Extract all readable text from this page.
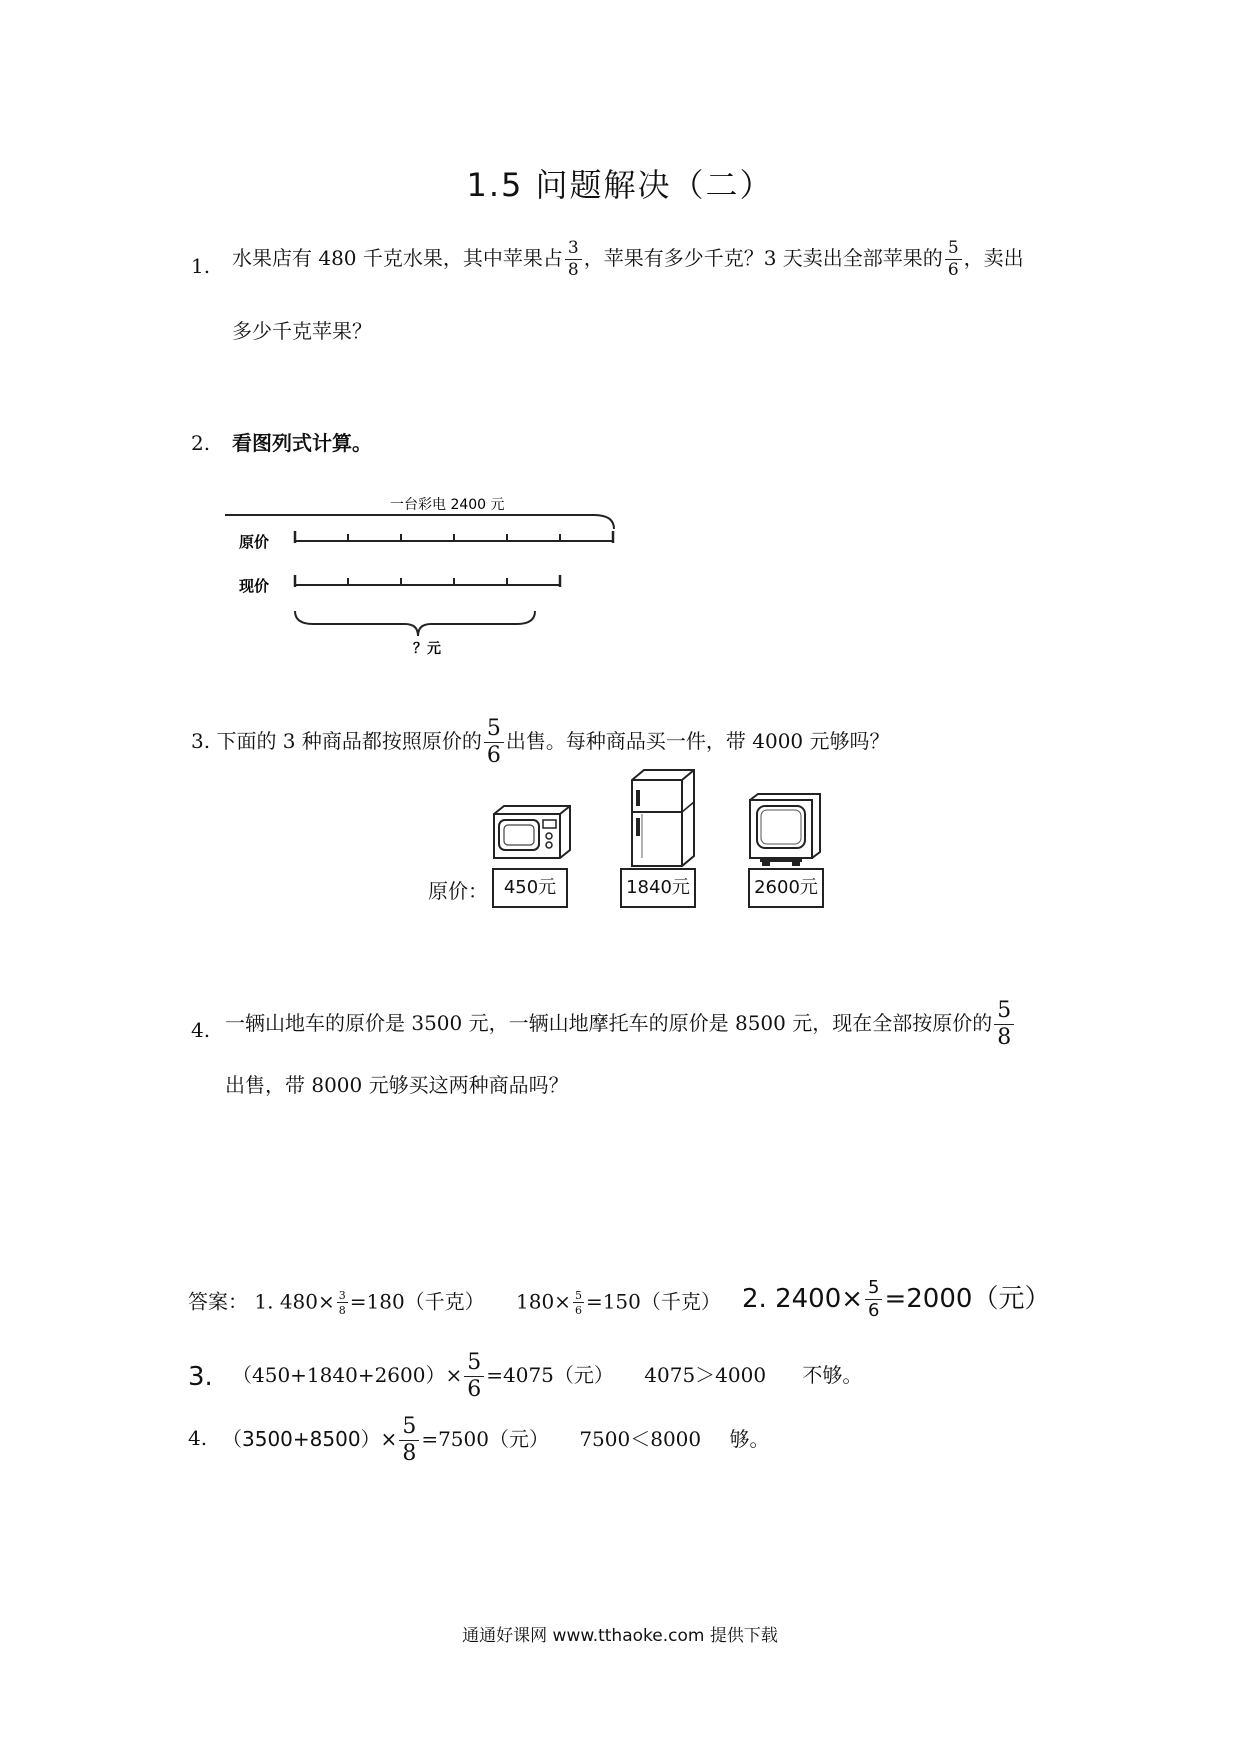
1.5 问题解决（二）
1. 水果店有 480 千克水果，其中苹果占 $\frac{3}{8}$ ，苹果有多少千克？3 天卖出全部苹果的 $\frac{5}{6}$ ，卖出
多少千克苹果？
2. 看图列式计算。
一台彩电 2400 元
原价
现价
？元
3. 下面的 3 种商品都按照原价的 $\frac{5}{6}$ 出售。每种商品买一件，带 4000 元够吗？
原价： 450元	1840元	2600元
4. 一辆山地车的原价是 3500 元，一辆山地摩托车的原价是 8500 元，现在全部按原价的 $\frac{5}{8}$
出售，带 8000 元够买这两种商品吗？
答案： 1. $480\times \frac{3}{8} =180$（千克） $180\times \frac{5}{6} =150$（千克） 2. $2400\times \frac{5}{6} =2000$（元）
3. $(450+1840+2600)\times \frac{5}{6} =4075$（元） 4075＞4000 不够。
4. $(3500+8500)\times \frac{5}{8} =7500$（元） 7500＜8000 够。
通通好课网 www.tthaoke.com 提供下载
